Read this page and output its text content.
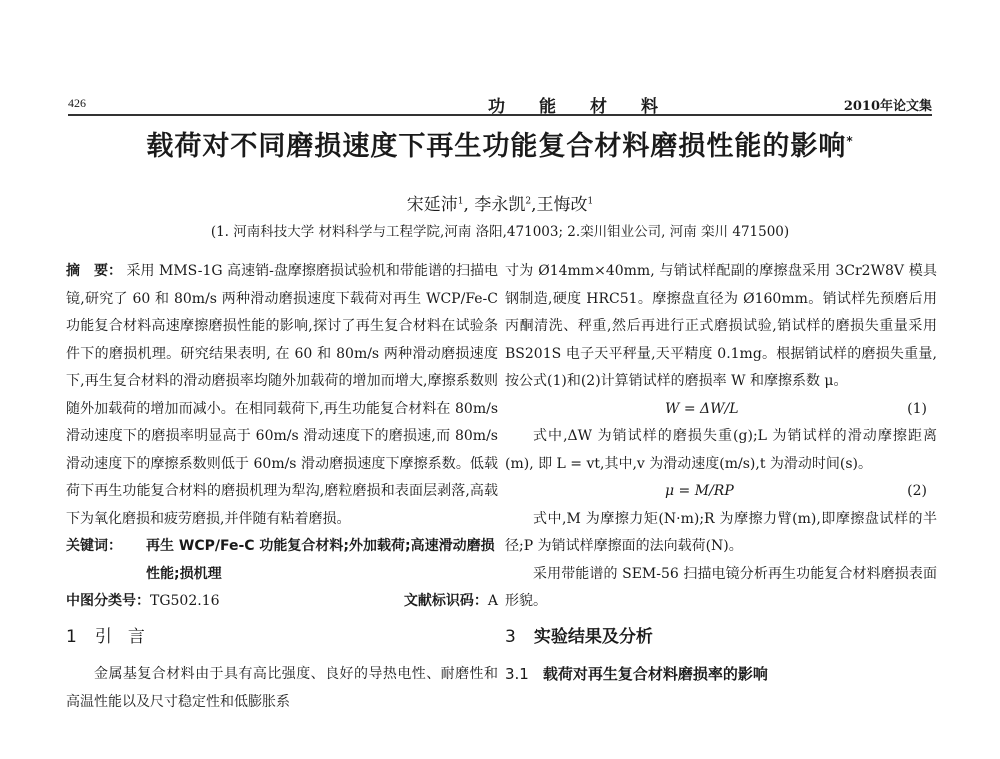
426	功能材料	2010年论文集
载荷对不同磨损速度下再生功能复合材料磨损性能的影响*
宋延沛$^1$, 李永凯$^2$,王悔改$^1$
(1. 河南科技大学 材料科学与工程学院,河南 洛阳,471003; 2.栾川钼业公司, 河南 栾川 471500)

摘　要： 采用 MMS-1G 高速销-盘摩擦磨损试验机和带能谱的扫描电镜,研究了 60 和 80m/s 两种滑动磨损速度下载荷对再生 WCP/Fe-C 功能复合材料高速摩擦磨损性能的影响,探讨了再生复合材料在试验条件下的磨损机理。研究结果表明, 在 60 和 80m/s 两种滑动磨损速度下,再生复合材料的滑动磨损率均随外加载荷的增加而增大,摩擦系数则随外加载荷的增加而减小。在相同载荷下,再生功能复合材料在 80m/s 滑动速度下的磨损率明显高于 60m/s 滑动速度下的磨损速,而 80m/s 滑动速度下的摩擦系数则低于 60m/s 滑动磨损速度下摩擦系数。低载荷下再生功能复合材料的磨损机理为犁沟,磨粒磨损和表面层剥落,高载下为氧化磨损和疲劳磨损,并伴随有粘着磨损。

关键词：	再生 WCP/Fe-C 功能复合材料;外加载荷;高速滑动磨损性能;损机理
中图分类号：TG502.16	文献标识码：A
1 引言

金属基复合材料由于具有高比强度、良好的导热电性、耐磨性和高温性能以及尺寸稳定性和低膨胀系

寸为 Ø14mm×40mm, 与销试样配副的摩擦盘采用 3Cr2W8V 模具钢制造,硬度 HRC51。摩擦盘直径为 Ø160mm。销试样先预磨后用丙酮清洗、秤重,然后再进行正式磨损试验,销试样的磨损失重量采用 BS201S 电子天平秤量,天平精度 0.1mg。根据销试样的磨损失重量,按公式(1)和(2)计算销试样的磨损率 W 和摩擦系数 μ。

W = ΔW/L	(1)

式中,ΔW 为销试样的磨损失重(g);L 为销试样的滑动摩擦距离(m), 即 L = vt,其中,v 为滑动速度(m/s),t 为滑动时间(s)。

μ = M/RP	(2)

式中,M 为摩擦力矩(N·m);R 为摩擦力臂(m),即摩擦盘试样的半径;P 为销试样摩擦面的法向载荷(N)。

采用带能谱的 SEM-56 扫描电镜分析再生功能复合材料磨损表面形貌。

3 实验结果及分析
3.1 载荷对再生复合材料磨损率的影响
